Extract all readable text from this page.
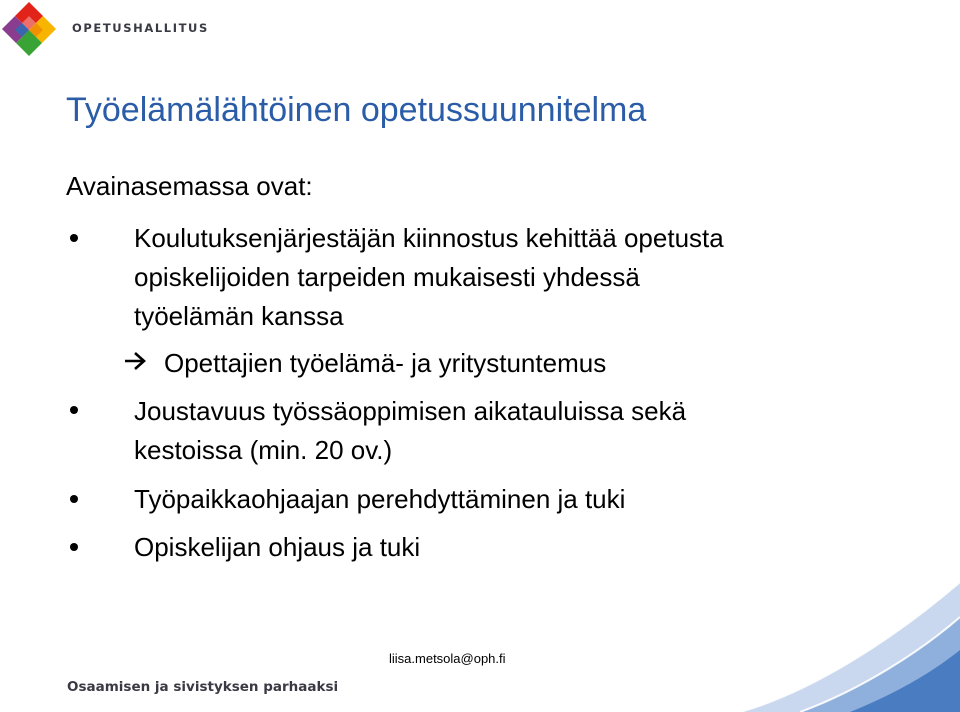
OPETUSHALLITUS
Työelämälähtöinen opetussuunnitelma
Avainasemassa ovat:
Koulutuksenjärjestäjän kiinnostus kehittää opetusta
opiskelijoiden tarpeiden mukaisesti yhdessä
työelämän kanssa
Opettajien työelämä- ja yritystuntemus
Joustavuus työssäoppimisen aikatauluissa sekä
kestoissa (min. 20 ov.)
Työpaikkaohjaajan perehdyttäminen ja tuki
Opiskelijan ohjaus ja tuki
liisa.metsola@oph.fi
Osaamisen ja sivistyksen parhaaksi
